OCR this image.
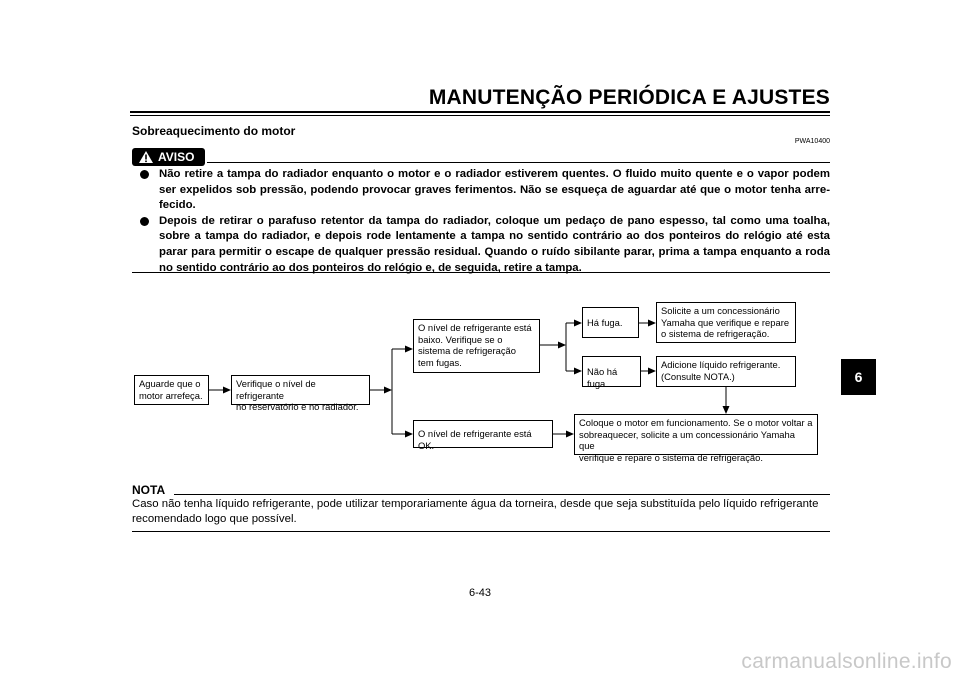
MANUTENÇÃO PERIÓDICA E AJUSTES
6
Sobreaquecimento do motor
PWA10400
AVISO

Não retire a tampa do radiador enquanto o motor e o radiador estiverem quentes. O fluido muito quente e o vapor podem ser expelidos sob pressão, podendo provocar graves ferimentos. Não se esqueça de aguardar até que o motor tenha arre-fecido.

Depois de retirar o parafuso retentor da tampa do radiador, coloque um pedaço de pano espesso, tal como uma toalha, sobre a tampa do radiador, e depois rode lentamente a tampa no sentido contrário ao dos ponteiros do relógio até esta parar para permitir o escape de qualquer pressão residual. Quando o ruído sibilante parar, prima a tampa enquanto a roda no sentido contrário ao dos ponteiros do relógio e, de seguida, retire a tampa.

Aguarde que o
motor arrefeça.
Verifique o nível de refrigerante
no reservatório e no radiador.
O nível de refrigerante está
baixo. Verifique se o
sistema de refrigeração
tem fugas.
O nível de refrigerante está OK.
Há fuga.
Não há fuga.
Solicite a um concessionário
Yamaha que verifique e repare
o sistema de refrigeração.
Adicione líquido refrigerante.
(Consulte NOTA.)
Coloque o motor em funcionamento. Se o motor voltar a
sobreaquecer, solicite a um concessionário Yamaha que
verifique e repare o sistema de refrigeração.
NOTA
Caso não tenha líquido refrigerante, pode utilizar temporariamente água da torneira, desde que seja substituída pelo líquido refrigerante recomendado logo que possível.
6-43
carmanualsonline.info
